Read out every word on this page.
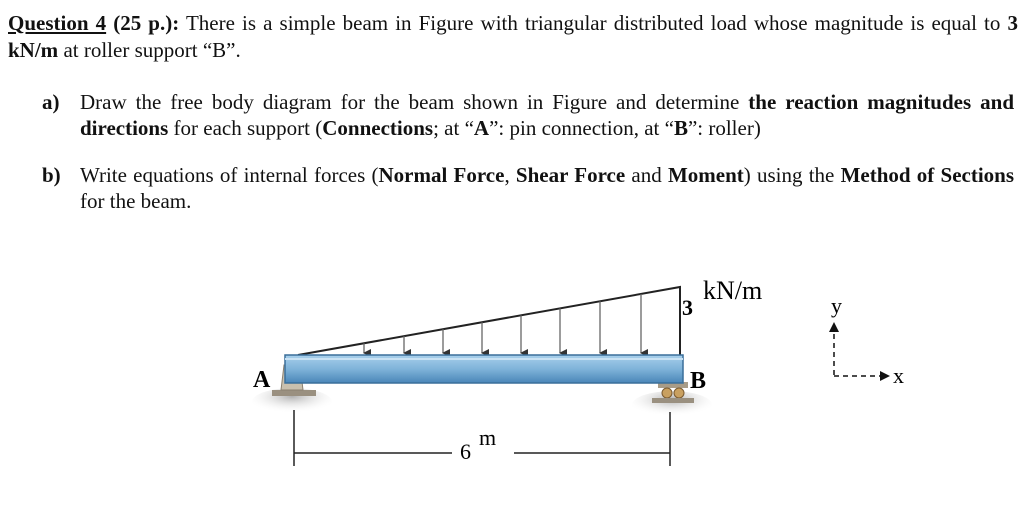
Question 4 (25 p.): There is a simple beam in Figure with triangular distributed load whose magnitude is equal to 3 kN/m at roller support “B”.
a) Draw the free body diagram for the beam shown in Figure and determine the reaction magnitudes and directions for each support (Connections; at “A”: pin connection, at “B”: roller)
b) Write equations of internal forces (Normal Force, Shear Force and Moment) using the Method of Sections for the beam.
A	B
3
kN/m
6
m
y
x
